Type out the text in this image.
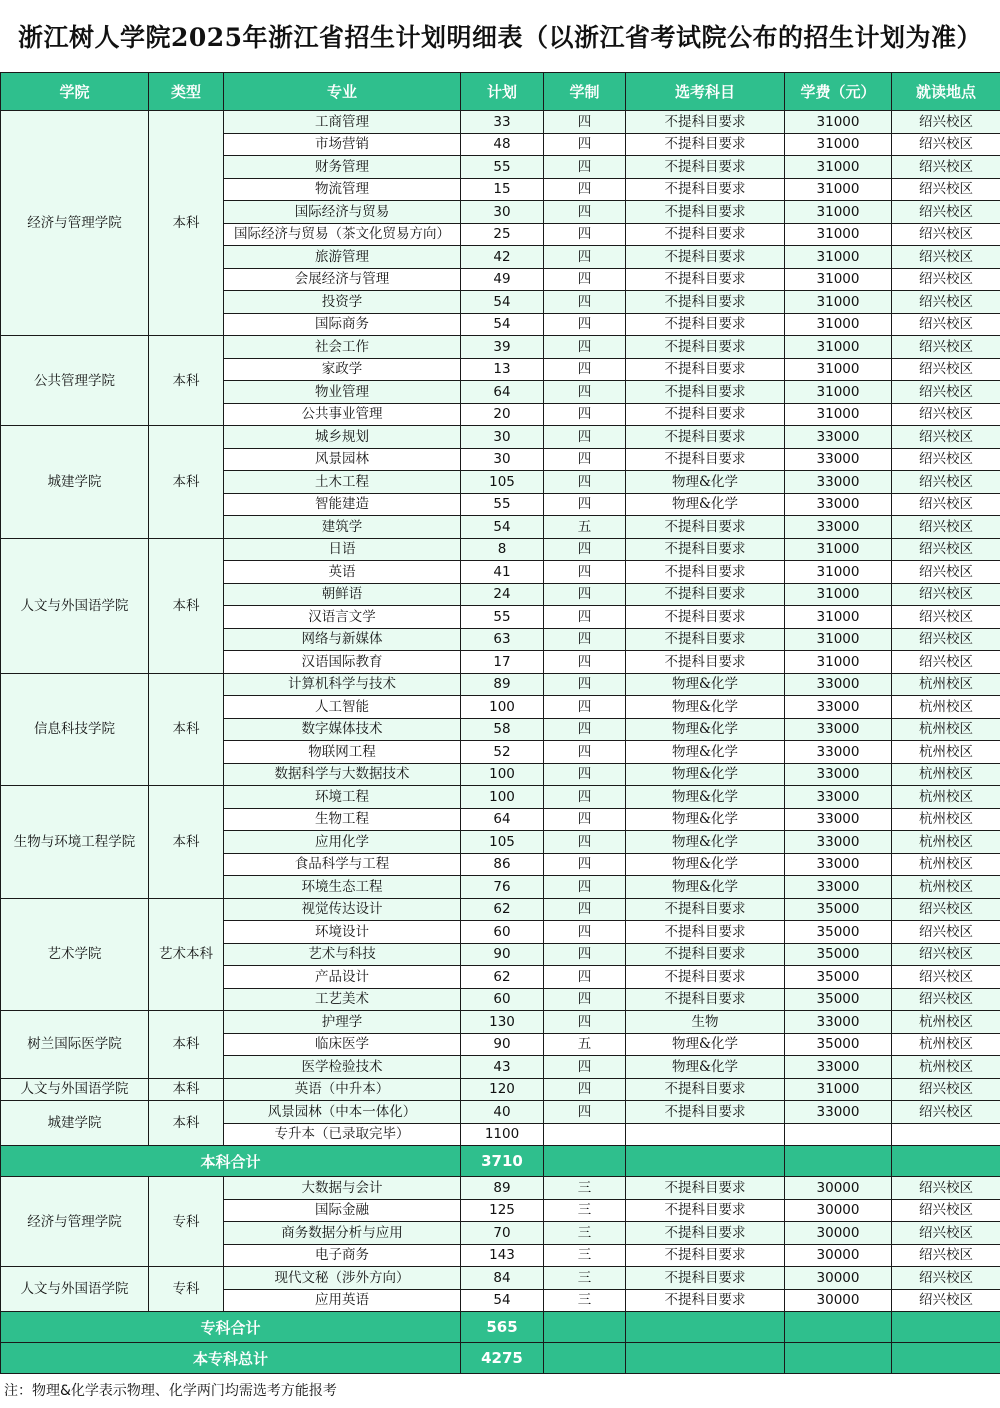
浙江树人学院2025年浙江省招生计划明细表（以浙江省考试院公布的招生计划为准）
学院	类型	专业	计划	学制	选考科目	学费（元）	就读地点
经济与管理学院	本科	工商管理	33	四	不提科目要求	31000	绍兴校区
		市场营销	48	四	不提科目要求	31000	绍兴校区
		财务管理	55	四	不提科目要求	31000	绍兴校区
		物流管理	15	四	不提科目要求	31000	绍兴校区
		国际经济与贸易	30	四	不提科目要求	31000	绍兴校区
		国际经济与贸易（茶文化贸易方向）	25	四	不提科目要求	31000	绍兴校区
		旅游管理	42	四	不提科目要求	31000	绍兴校区
		会展经济与管理	49	四	不提科目要求	31000	绍兴校区
		投资学	54	四	不提科目要求	31000	绍兴校区
		国际商务	54	四	不提科目要求	31000	绍兴校区
公共管理学院	本科	社会工作	39	四	不提科目要求	31000	绍兴校区
		家政学	13	四	不提科目要求	31000	绍兴校区
		物业管理	64	四	不提科目要求	31000	绍兴校区
		公共事业管理	20	四	不提科目要求	31000	绍兴校区
城建学院	本科	城乡规划	30	四	不提科目要求	33000	绍兴校区
		风景园林	30	四	不提科目要求	33000	绍兴校区
		土木工程	105	四	物理&化学	33000	绍兴校区
		智能建造	55	四	物理&化学	33000	绍兴校区
		建筑学	54	五	不提科目要求	33000	绍兴校区
人文与外国语学院	本科	日语	8	四	不提科目要求	31000	绍兴校区
		英语	41	四	不提科目要求	31000	绍兴校区
		朝鲜语	24	四	不提科目要求	31000	绍兴校区
		汉语言文学	55	四	不提科目要求	31000	绍兴校区
		网络与新媒体	63	四	不提科目要求	31000	绍兴校区
		汉语国际教育	17	四	不提科目要求	31000	绍兴校区
信息科技学院	本科	计算机科学与技术	89	四	物理&化学	33000	杭州校区
		人工智能	100	四	物理&化学	33000	杭州校区
		数字媒体技术	58	四	物理&化学	33000	杭州校区
		物联网工程	52	四	物理&化学	33000	杭州校区
		数据科学与大数据技术	100	四	物理&化学	33000	杭州校区
生物与环境工程学院	本科	环境工程	100	四	物理&化学	33000	杭州校区
		生物工程	64	四	物理&化学	33000	杭州校区
		应用化学	105	四	物理&化学	33000	杭州校区
		食品科学与工程	86	四	物理&化学	33000	杭州校区
		环境生态工程	76	四	物理&化学	33000	杭州校区
艺术学院	艺术本科	视觉传达设计	62	四	不提科目要求	35000	绍兴校区
		环境设计	60	四	不提科目要求	35000	绍兴校区
		艺术与科技	90	四	不提科目要求	35000	绍兴校区
		产品设计	62	四	不提科目要求	35000	绍兴校区
		工艺美术	60	四	不提科目要求	35000	绍兴校区
树兰国际医学院	本科	护理学	130	四	生物	33000	杭州校区
		临床医学	90	五	物理&化学	35000	杭州校区
		医学检验技术	43	四	物理&化学	33000	杭州校区
人文与外国语学院	本科	英语（中升本）	120	四	不提科目要求	31000	绍兴校区
城建学院	本科	风景园林（中本一体化）	40	四	不提科目要求	33000	绍兴校区
		专升本（已录取完毕）	1100				
本科合计			3710				
经济与管理学院	专科	大数据与会计	89	三	不提科目要求	30000	绍兴校区
		国际金融	125	三	不提科目要求	30000	绍兴校区
		商务数据分析与应用	70	三	不提科目要求	30000	绍兴校区
		电子商务	143	三	不提科目要求	30000	绍兴校区
人文与外国语学院	专科	现代文秘（涉外方向）	84	三	不提科目要求	30000	绍兴校区
		应用英语	54	三	不提科目要求	30000	绍兴校区
专科合计			565				
本专科总计			4275				
注：物理&化学表示物理、化学两门均需选考方能报考
